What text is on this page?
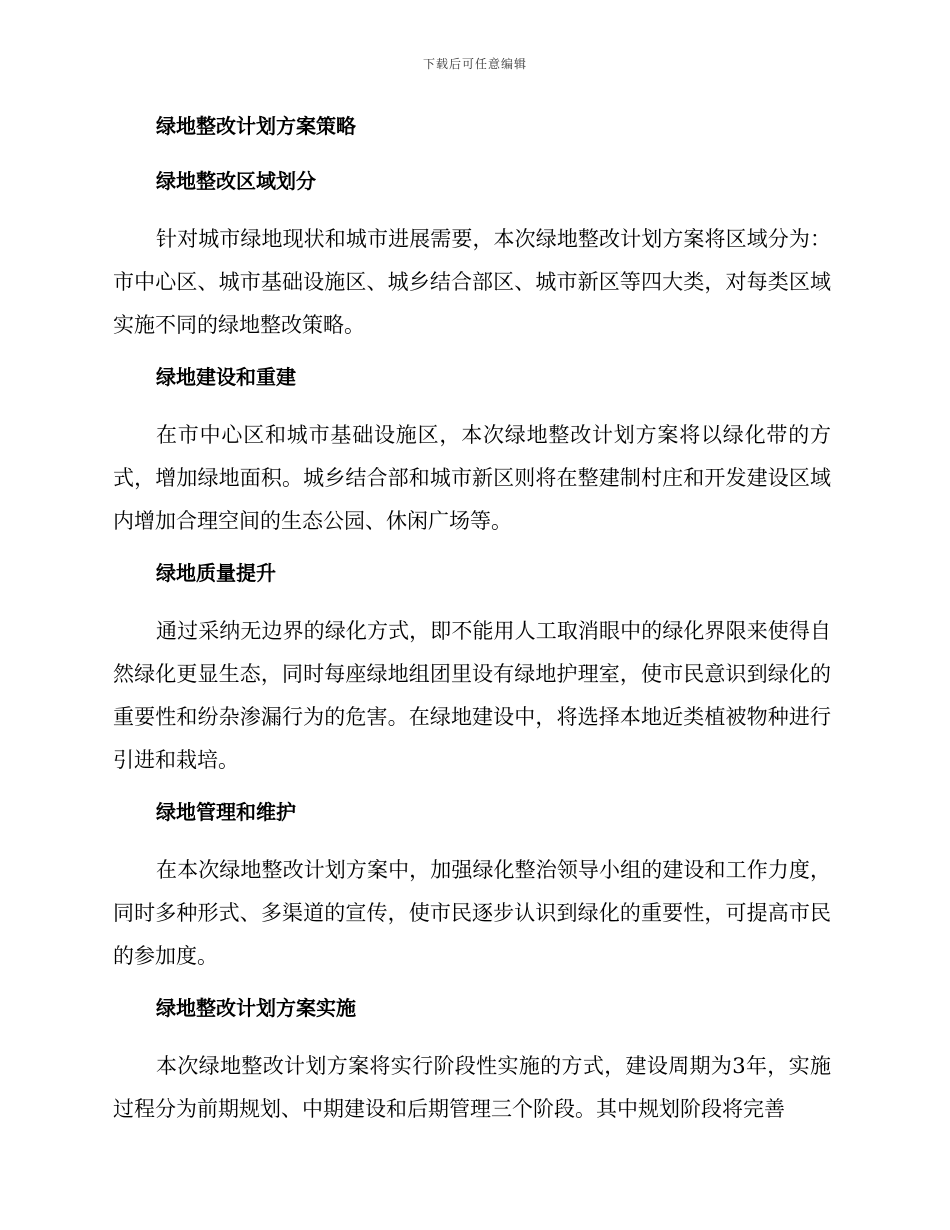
下载后可任意编辑
绿地整改计划方案策略
绿地整改区域划分

针对城市绿地现状和城市进展需要，本次绿地整改计划方案将区域分为：市中心区、城市基础设施区、城乡结合部区、城市新区等四大类，对每类区域实施不同的绿地整改策略。

绿地建设和重建

在市中心区和城市基础设施区，本次绿地整改计划方案将以绿化带的方式，增加绿地面积。城乡结合部和城市新区则将在整建制村庄和开发建设区域内增加合理空间的生态公园、休闲广场等。

绿地质量提升

通过采纳无边界的绿化方式，即不能用人工取消眼中的绿化界限来使得自然绿化更显生态，同时每座绿地组团里设有绿地护理室，使市民意识到绿化的重要性和纷杂渗漏行为的危害。在绿地建设中，将选择本地近类植被物种进行引进和栽培。

绿地管理和维护

在本次绿地整改计划方案中，加强绿化整治领导小组的建设和工作力度，同时多种形式、多渠道的宣传，使市民逐步认识到绿化的重要性，可提高市民的参加度。

绿地整改计划方案实施

本次绿地整改计划方案将实行阶段性实施的方式，建设周期为3年，实施过程分为前期规划、中期建设和后期管理三个阶段。其中规划阶段将完善
